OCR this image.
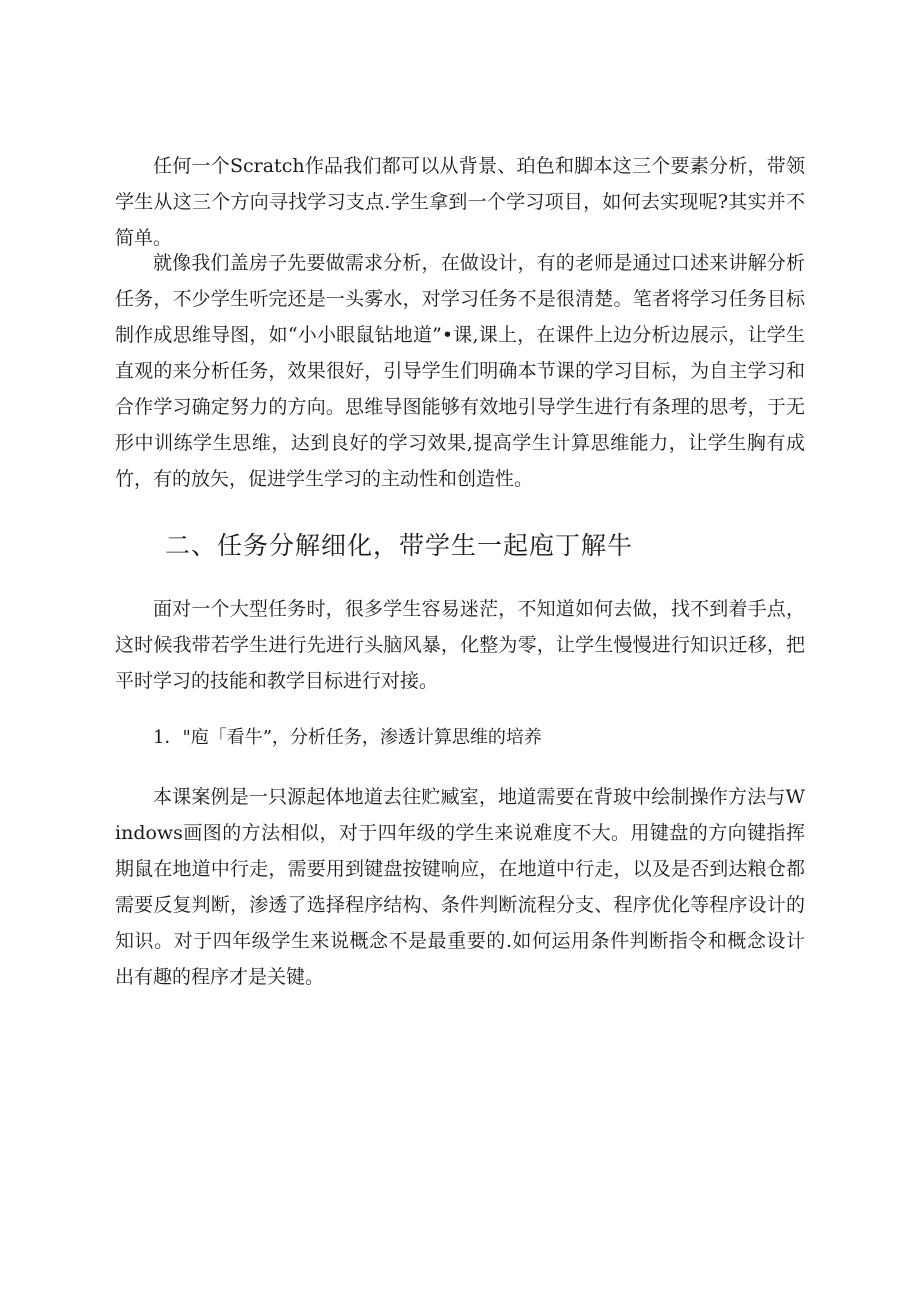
任何一个Scratch作品我们都可以从背景、珀色和脚本这三个要素分析，带领学生从这三个方向寻找学习支点.学生拿到一个学习项目，如何去实现呢?其实并不简单。

就像我们盖房子先要做需求分析，在做设计，有的老师是通过口述来讲解分析任务，不少学生听完还是一头雾水，对学习任务不是很清楚。笔者将学习任务目标制作成思维导图，如“小小眼鼠钻地道”•课,课上，在课件上边分析边展示，让学生直观的来分析任务，效果很好，引导学生们明确本节课的学习目标，为自主学习和合作学习确定努力的方向。思维导图能够有效地引导学生进行有条理的思考，于无形中训练学生思维，达到良好的学习效果,提高学生计算思维能力，让学生胸有成竹，有的放矢，促进学生学习的主动性和创造性。

二、任务分解细化，带学生一起庖丁解牛

面对一个大型任务时，很多学生容易迷茫，不知道如何去做，找不到着手点，这时候我带若学生进行先进行头脑风暴，化整为零，让学生慢慢进行知识迁移，把平时学习的技能和教学目标进行对接。

1．"庖「看牛”，分析任务，渗透计算思维的培养

本课案例是一只源起体地道去往贮臧室，地道需要在背玻中绘制操作方法与Windows画图的方法相似，对于四年级的学生来说难度不大。用键盘的方向键指挥期鼠在地道中行走，需要用到键盘按键响应，在地道中行走，以及是否到达粮仓都需要反复判断，渗透了选择程序结构、条件判断流程分支、程序优化等程序设计的知识。对于四年级学生来说概念不是最重要的.如何运用条件判断指令和概念设计出有趣的程序才是关键。
